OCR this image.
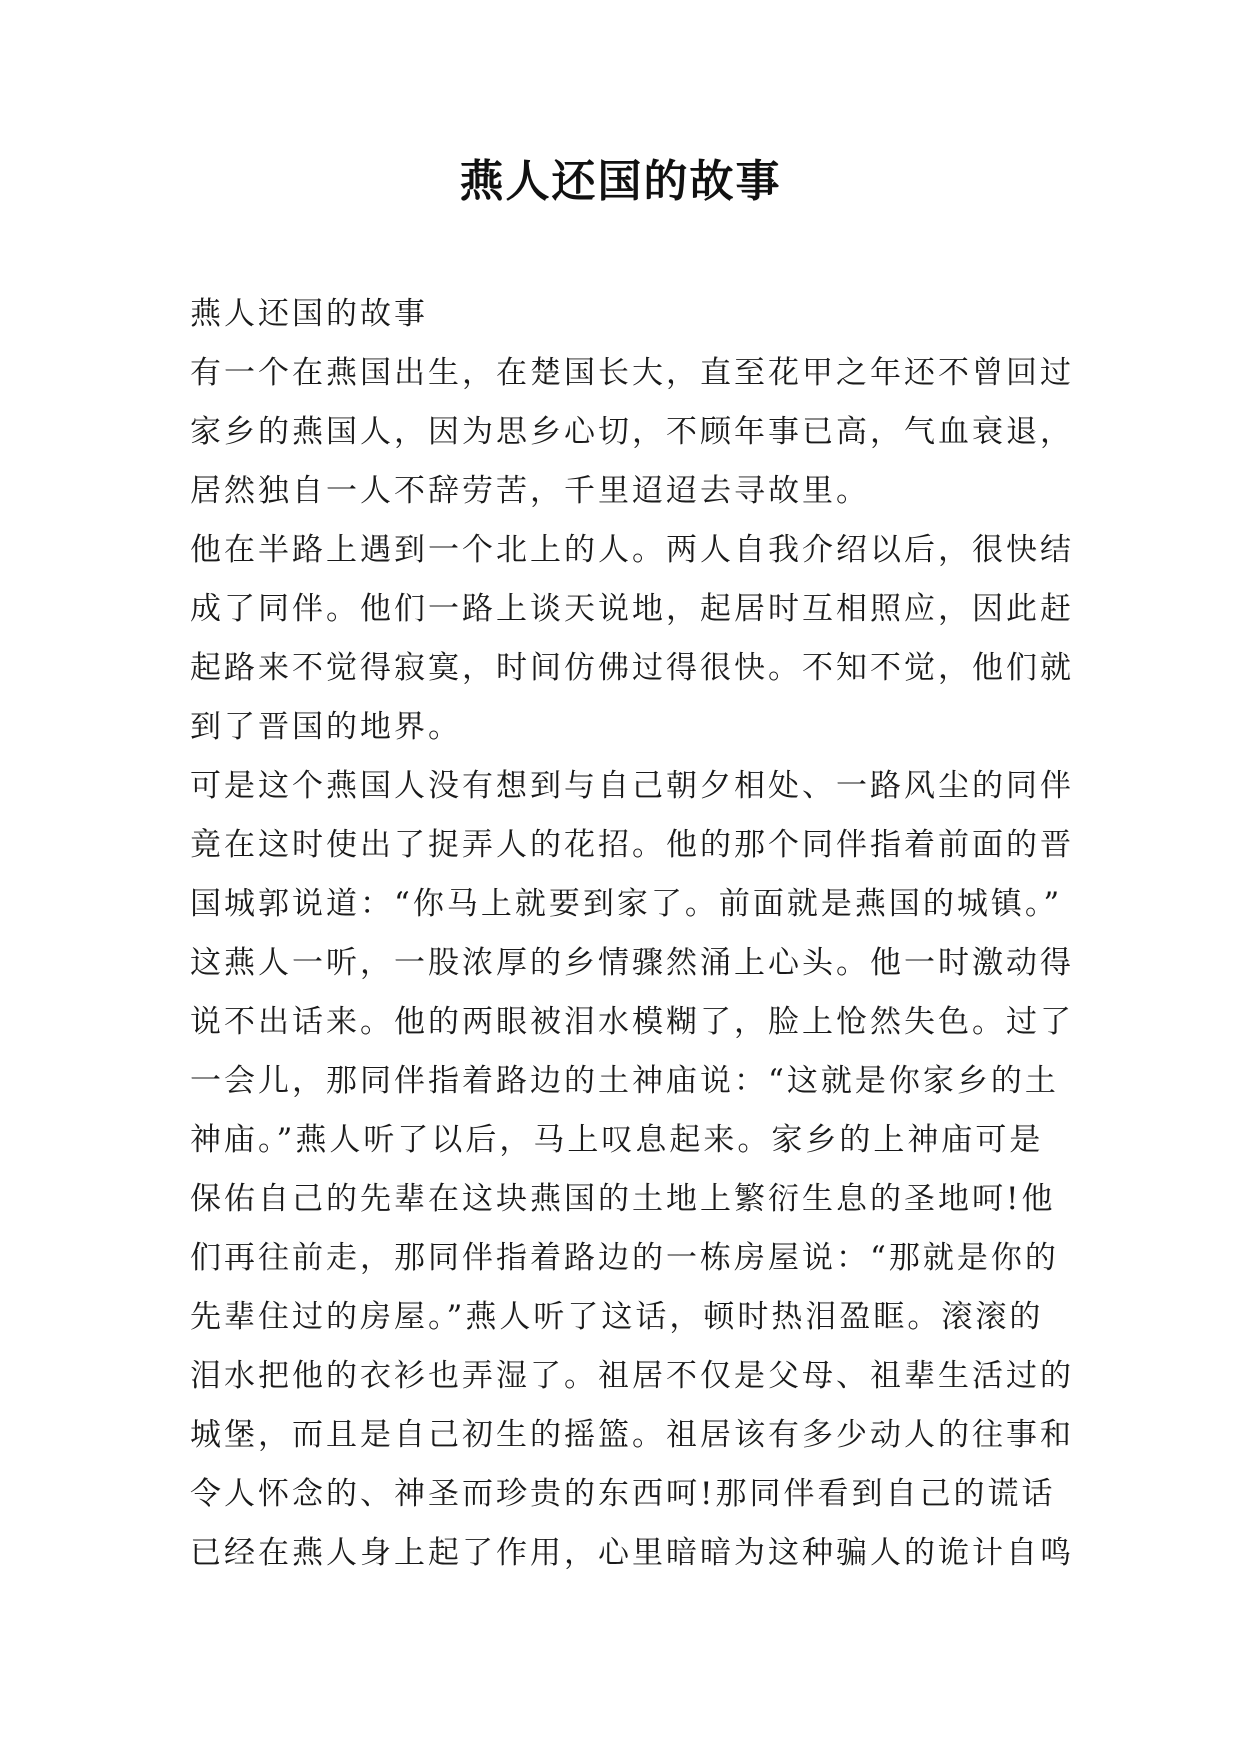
燕人还国的故事
燕人还国的故事
有一个在燕国出生，在楚国长大，直至花甲之年还不曾回过
家乡的燕国人，因为思乡心切，不顾年事已高，气血衰退，
居然独自一人不辞劳苦，千里迢迢去寻故里。
他在半路上遇到一个北上的人。两人自我介绍以后，很快结
成了同伴。他们一路上谈天说地，起居时互相照应，因此赶
起路来不觉得寂寞，时间仿佛过得很快。不知不觉，他们就
到了晋国的地界。
可是这个燕国人没有想到与自己朝夕相处、一路风尘的同伴
竟在这时使出了捉弄人的花招。他的那个同伴指着前面的晋
国城郭说道：“你马上就要到家了。前面就是燕国的城镇。”
这燕人一听，一股浓厚的乡情骤然涌上心头。他一时激动得
说不出话来。他的两眼被泪水模糊了，脸上怆然失色。过了
一会儿，那同伴指着路边的土神庙说：“这就是你家乡的土
神庙。”燕人听了以后，马上叹息起来。家乡的上神庙可是
保佑自己的先辈在这块燕国的土地上繁衍生息的圣地呵!他
们再往前走，那同伴指着路边的一栋房屋说：“那就是你的
先辈住过的房屋。”燕人听了这话，顿时热泪盈眶。滚滚的
泪水把他的衣衫也弄湿了。祖居不仅是父母、祖辈生活过的
城堡，而且是自己初生的摇篮。祖居该有多少动人的往事和
令人怀念的、神圣而珍贵的东西呵!那同伴看到自己的谎话
已经在燕人身上起了作用，心里暗暗为这种骗人的诡计自鸣
